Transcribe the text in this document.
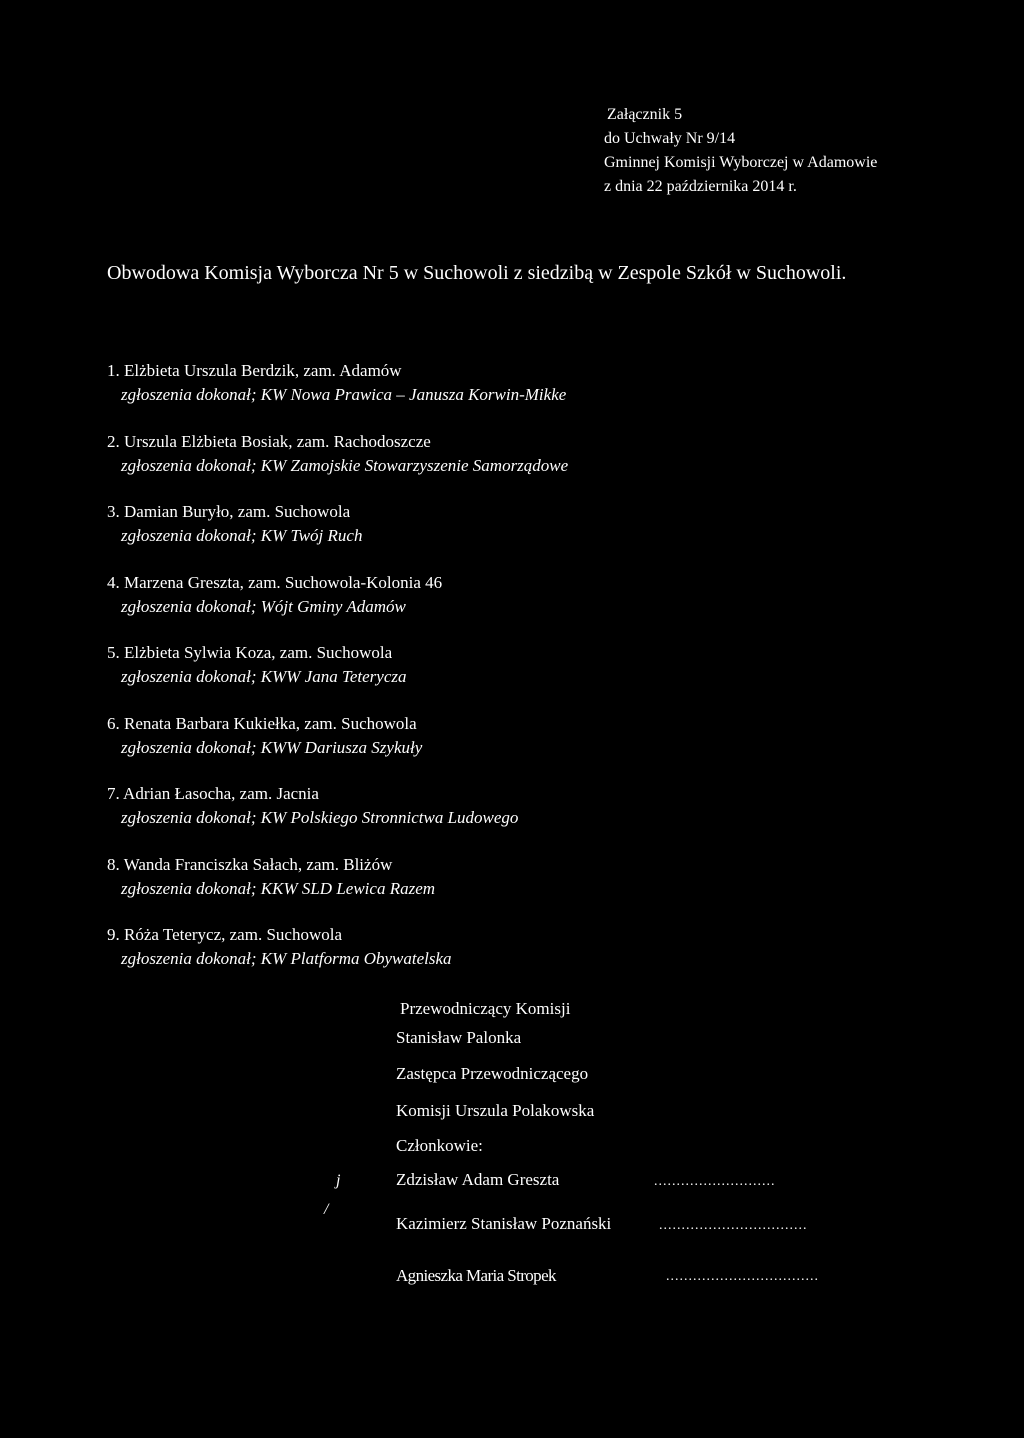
Załącznik 5
do Uchwały Nr 9/14
Gminnej Komisji Wyborczej w Adamowie
z dnia 22 października 2014 r.
Obwodowa Komisja Wyborcza Nr 5 w Suchowoli z siedzibą w Zespole Szkół w Suchowoli.
1. Elżbieta Urszula Berdzik, zam. Adamów
zgłoszenia dokonał; KW Nowa Prawica – Janusza Korwin-Mikke
2. Urszula Elżbieta Bosiak, zam. Rachodoszcze
zgłoszenia dokonał; KW Zamojskie Stowarzyszenie Samorządowe
3. Damian Buryło, zam. Suchowola
zgłoszenia dokonał; KW Twój Ruch
4. Marzena Greszta, zam. Suchowola-Kolonia 46
zgłoszenia dokonał; Wójt Gminy Adamów
5. Elżbieta Sylwia Koza, zam. Suchowola
zgłoszenia dokonał; KWW Jana Teterycza
6. Renata Barbara Kukiełka, zam. Suchowola
zgłoszenia dokonał; KWW Dariusza Szykuły
7. Adrian Łasocha, zam. Jacnia
zgłoszenia dokonał; KW Polskiego Stronnictwa Ludowego
8. Wanda Franciszka Sałach, zam. Bliżów
zgłoszenia dokonał; KKW SLD Lewica Razem
9. Róża Teterycz, zam. Suchowola
zgłoszenia dokonał; KW Platforma Obywatelska
Przewodniczący Komisji
Stanisław Palonka
Zastępca Przewodniczącego
Komisji Urszula Polakowska
Członkowie:
j	Zdzisław Adam Greszta	...........................
/
Kazimierz Stanisław Poznański	.................................
Agnieszka Maria Stropek	..................................
